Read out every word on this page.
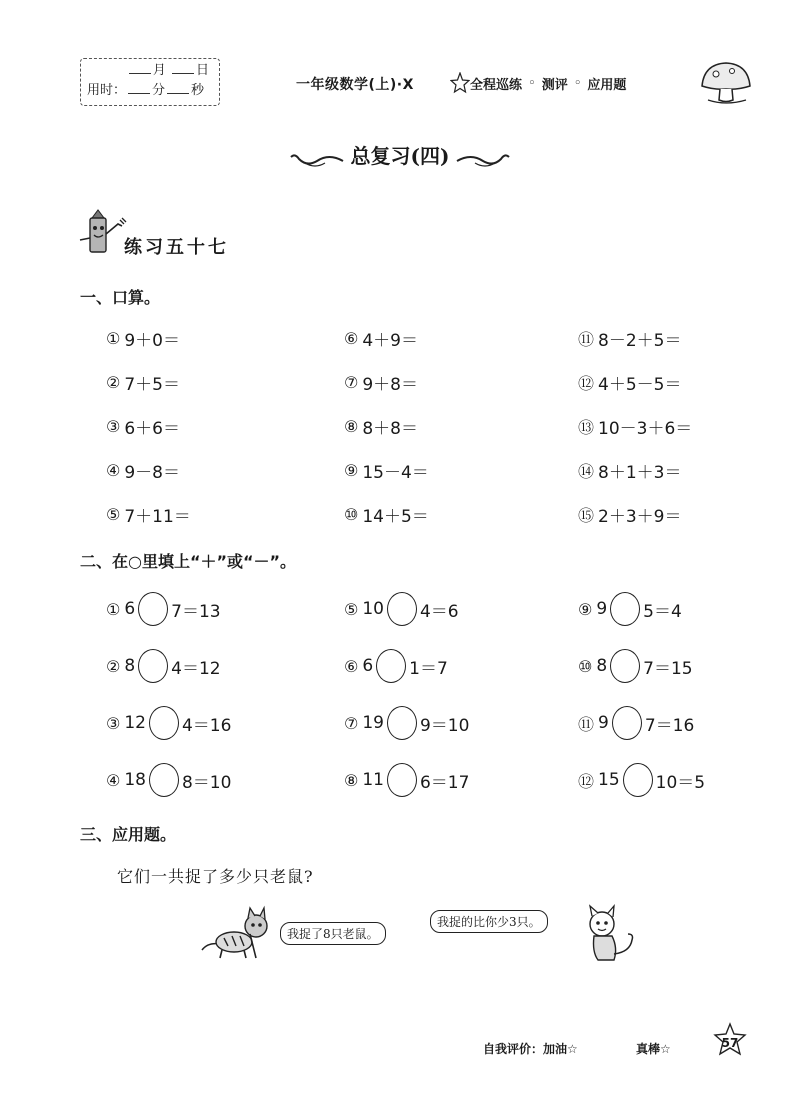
月 日
用时： 分 秒	一年级数学(上)·X	全程巡练 ◦ 测评 ◦ 应用题
总复习(四)
练习五十七
一、口算。
① 9＋0＝
② 7＋5＝
③ 6＋6＝
④ 9－8＝
⑤ 7＋11＝
⑥ 4＋9＝
⑦ 9＋8＝
⑧ 8＋8＝
⑨ 15－4＝
⑩ 14＋5＝
⑪ 8－2＋5＝
⑫ 4＋5－5＝
⑬ 10－3＋6＝
⑭ 8＋1＋3＝
⑮ 2＋3＋9＝
二、在○里填上“＋”或“－”。
① 6 7＝13
② 8 4＝12
③ 12 4＝16
④ 18 8＝10
⑤ 10 4＝6
⑥ 6 1＝7
⑦ 19 9＝10
⑧ 11 6＝17
⑨ 9 5＝4
⑩ 8 7＝15
⑪ 9 7＝16
⑫ 15 10＝5
三、应用题。
它们一共捉了多少只老鼠?
我捉了8只老鼠。
我捉的比你少3只。
自我评价：加油☆	真棒☆	57
